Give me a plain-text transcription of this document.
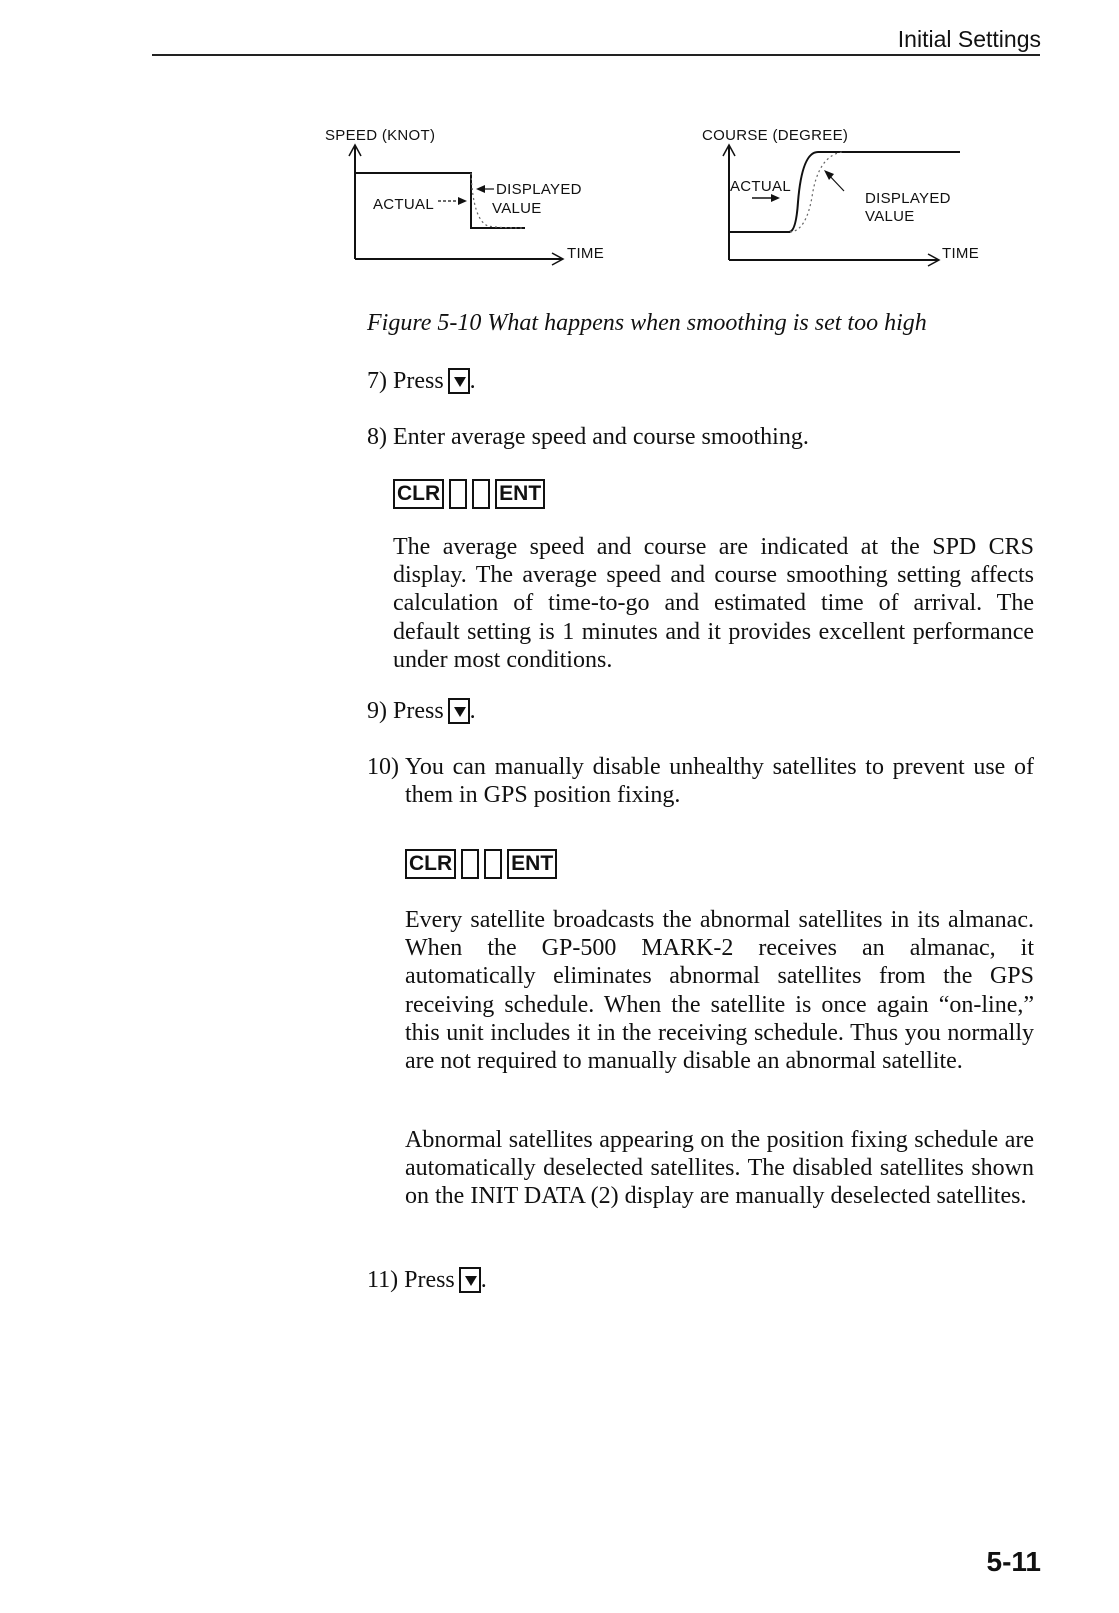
Initial Settings
SPEED (KNOT)
ACTUAL
DISPLAYED
VALUE
TIME
COURSE (DEGREE)
ACTUAL
DISPLAYED
VALUE
TIME
Figure 5-10 What happens when smoothing is set too high
7) Press .
8) Enter average speed and course smoothing.
CLR	ENT
The average speed and course are indicated at the SPD CRS display. The average speed and course smoothing setting affects calculation of time-to-go and estimated time of arrival. The default setting is 1 minutes and it provides excellent performance under most conditions.
9) Press .
10) You can manually disable unhealthy satellites to prevent use of them in GPS position fixing.
CLR	ENT
Every satellite broadcasts the abnormal satellites in its almanac. When the GP-500 MARK-2 receives an almanac, it automatically eliminates abnormal satellites from the GPS receiving schedule. When the satellite is once again “on-line,” this unit includes it in the receiving schedule. Thus you normally are not required to manually disable an abnormal satellite.
Abnormal satellites appearing on the position fixing schedule are automatically deselected satellites. The disabled satellites shown on the INIT DATA (2) display are manually deselected satellites.
11) Press .
5-11
